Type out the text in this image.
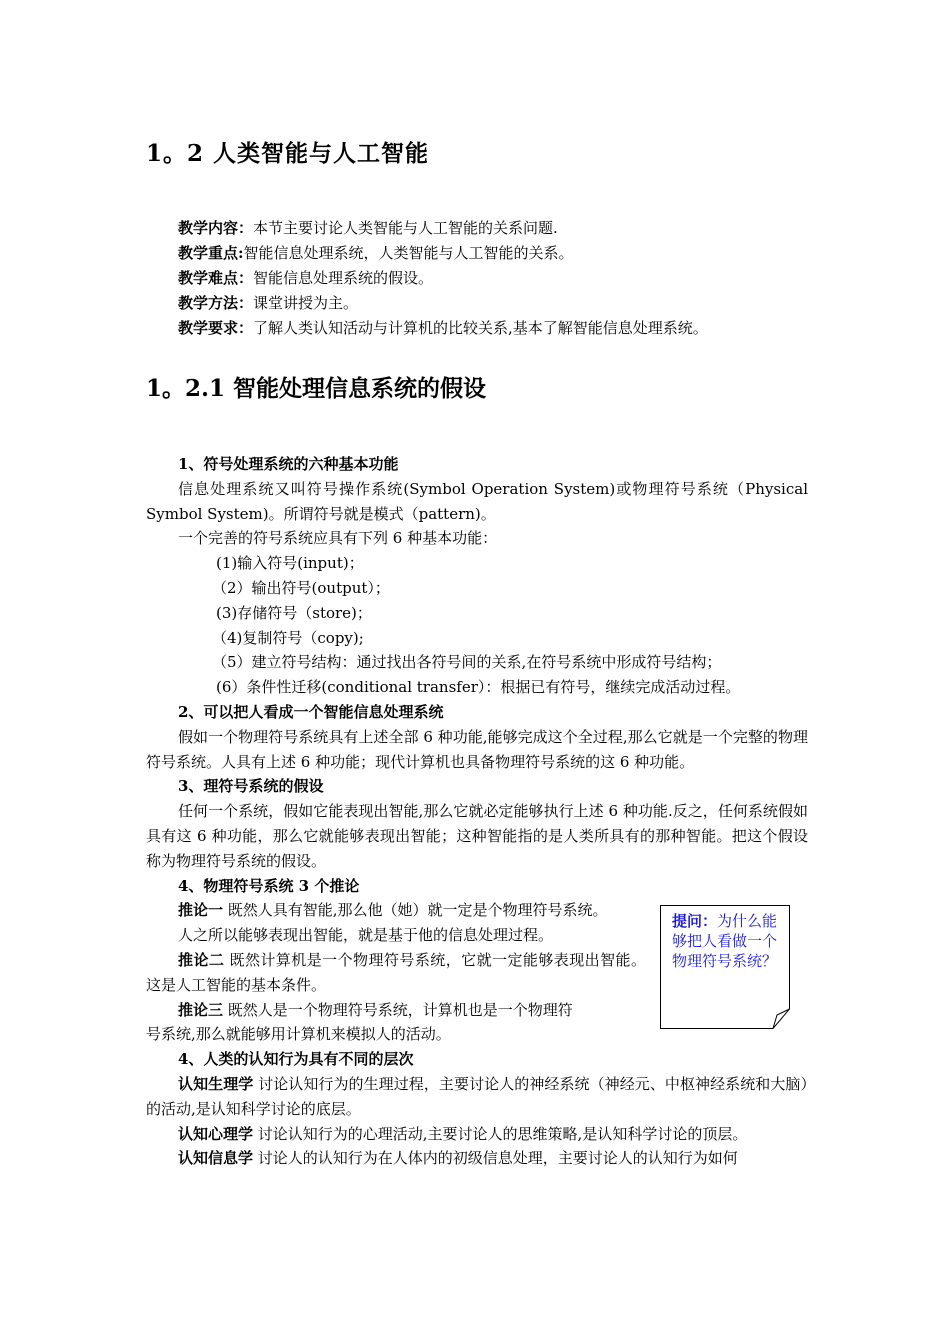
1。2 人类智能与人工智能
教学内容：本节主要讨论人类智能与人工智能的关系问题.
教学重点:智能信息处理系统，人类智能与人工智能的关系。
教学难点：智能信息处理系统的假设。
教学方法：课堂讲授为主。
教学要求：了解人类认知活动与计算机的比较关系,基本了解智能信息处理系统。
1。2.1 智能处理信息系统的假设

1、符号处理系统的六种基本功能

信息处理系统又叫符号操作系统(Symbol Operation System)或物理符号系统（Physical Symbol System)。所谓符号就是模式（pattern)。

一个完善的符号系统应具有下列 6 种基本功能：

(1)输入符号(input)；

（2）输出符号(output）；

(3)存储符号（store)；

（4)复制符号（copy);

（5）建立符号结构：通过找出各符号间的关系,在符号系统中形成符号结构；

(6）条件性迁移(conditional transfer）：根据已有符号，继续完成活动过程。

2、可以把人看成一个智能信息处理系统

假如一个物理符号系统具有上述全部 6 种功能,能够完成这个全过程,那么它就是一个完整的物理符号系统。人具有上述 6 种功能；现代计算机也具备物理符号系统的这 6 种功能。

3、理符号系统的假设

任何一个系统，假如它能表现出智能,那么它就必定能够执行上述 6 种功能.反之，任何系统假如具有这 6 种功能，那么它就能够表现出智能；这种智能指的是人类所具有的那种智能。把这个假设称为物理符号系统的假设。

4、物理符号系统 3 个推论

推论一 既然人具有智能,那么他（她）就一定是个物理符号系统。

人之所以能够表现出智能，就是基于他的信息处理过程。

推论二 既然计算机是一个物理符号系统，它就一定能够表现出智能。这是人工智能的基本条件。

推论三 既然人是一个物理符号系统，计算机也是一个物理符

号系统,那么就能够用计算机来模拟人的活动。

4、人类的认知行为具有不同的层次

认知生理学 讨论认知行为的生理过程，主要讨论人的神经系统（神经元、中枢神经系统和大脑）的活动,是认知科学讨论的底层。

认知心理学 讨论认知行为的心理活动,主要讨论人的思维策略,是认知科学讨论的顶层。

认知信息学 讨论人的认知行为在人体内的初级信息处理，主要讨论人的认知行为如何

提问：为什么能够把人看做一个物理符号系统？
